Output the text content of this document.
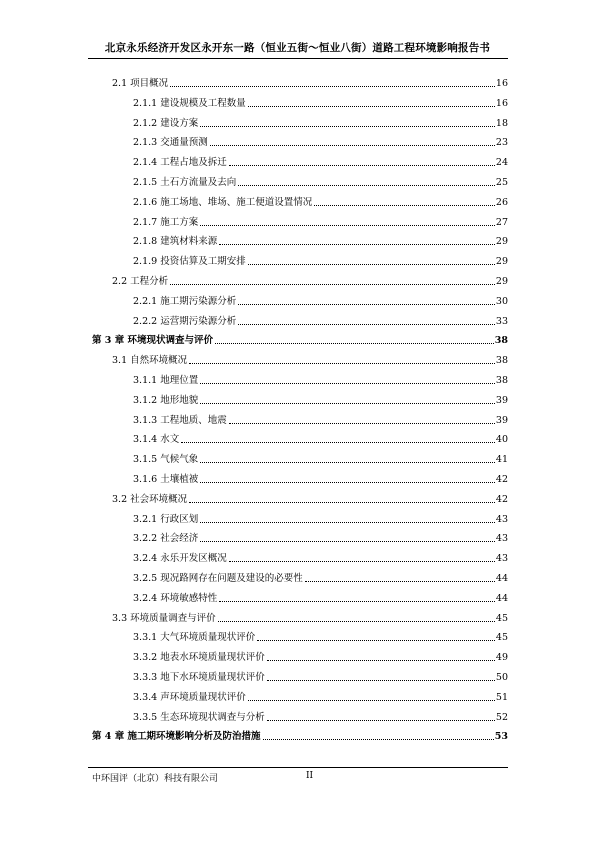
北京永乐经济开发区永开东一路（恒业五街～恒业八街）道路工程环境影响报告书
2.1 项目概况	16
2.1.1 建设规模及工程数量	16
2.1.2 建设方案	18
2.1.3 交通量预测	23
2.1.4 工程占地及拆迁	24
2.1.5 土石方流量及去向	25
2.1.6 施工场地、堆场、施工便道设置情况	26
2.1.7 施工方案	27
2.1.8 建筑材料来源	29
2.1.9 投资估算及工期安排	29
2.2 工程分析	29
2.2.1 施工期污染源分析	30
2.2.2 运营期污染源分析	33
第 3 章 环境现状调查与评价	38
3.1 自然环境概况	38
3.1.1 地理位置	38
3.1.2 地形地貌	39
3.1.3 工程地质、地震	39
3.1.4 水文	40
3.1.5 气候气象	41
3.1.6 土壤植被	42
3.2 社会环境概况	42
3.2.1 行政区划	43
3.2.2 社会经济	43
3.2.4 永乐开发区概况	43
3.2.5 现况路网存在问题及建设的必要性	44
3.2.4 环境敏感特性	44
3.3 环境质量调查与评价	45
3.3.1 大气环境质量现状评价	45
3.3.2 地表水环境质量现状评价	49
3.3.3 地下水环境质量现状评价	50
3.3.4 声环境质量现状评价	51
3.3.5 生态环境现状调查与分析	52
第 4 章 施工期环境影响分析及防治措施	53
中环国评（北京）科技有限公司	II
